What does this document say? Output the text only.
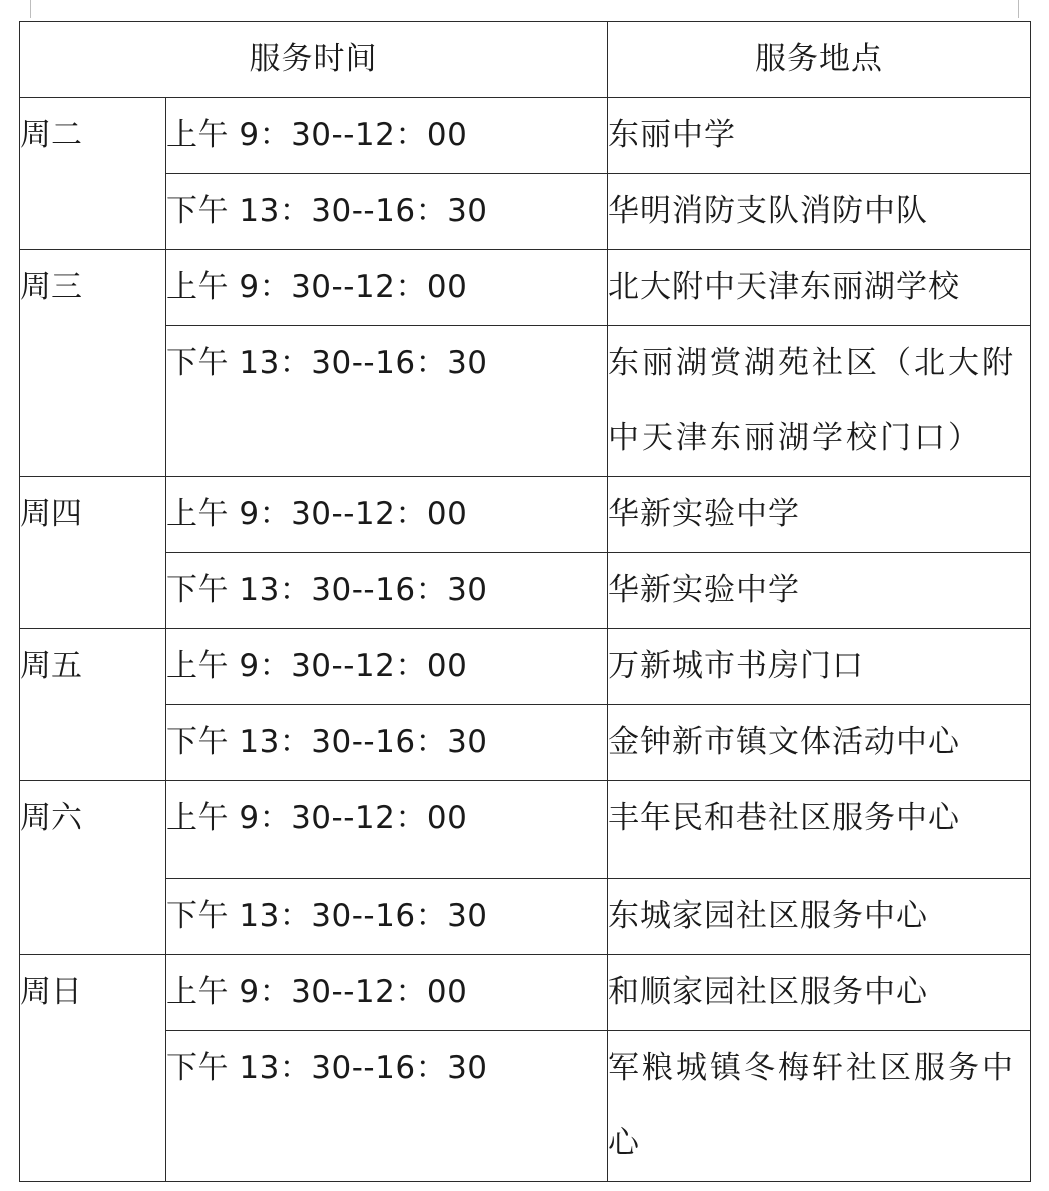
服务时间		服务地点
周二	上午 9：30--12：00	东丽中学
	下午 13：30--16：30	华明消防支队消防中队
周三	上午 9：30--12：00	北大附中天津东丽湖学校
	下午 13：30--16：30	东丽湖赏湖苑社区（北大附中天津东丽湖学校门口）
周四	上午 9：30--12：00	华新实验中学
	下午 13：30--16：30	华新实验中学
周五	上午 9：30--12：00	万新城市书房门口
	下午 13：30--16：30	金钟新市镇文体活动中心
周六	上午 9：30--12：00	丰年民和巷社区服务中心
	下午 13：30--16：30	东城家园社区服务中心
周日	上午 9：30--12：00	和顺家园社区服务中心
	下午 13：30--16：30	军粮城镇冬梅轩社区服务中心
